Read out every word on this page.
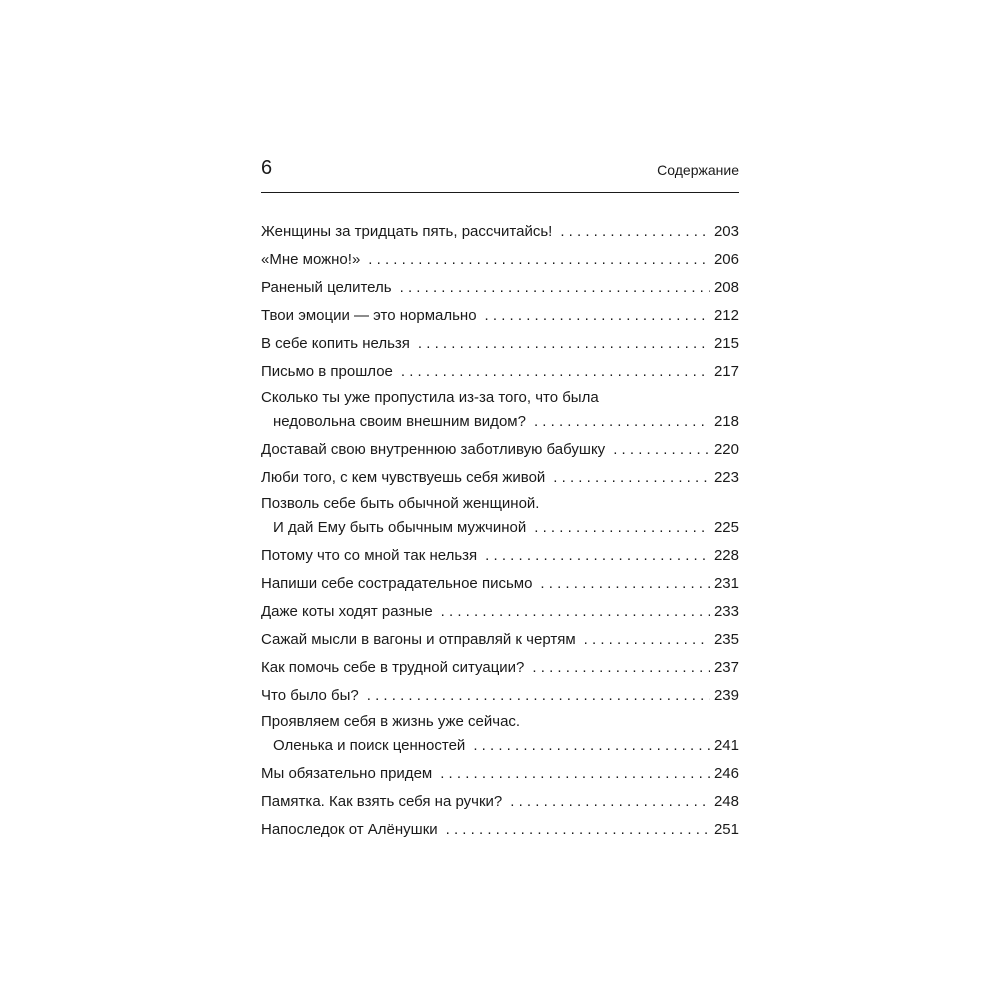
6	Содержание
Женщины за тридцать пять, рассчитайсь! . . .	203
«Мне можно!» . . .	206
Раненый целитель . . .	208
Твои эмоции — это нормально . . .	212
В себе копить нельзя . . .	215
Письмо в прошлое . . .	217
Сколько ты уже пропустила из-за того, что была
недовольна своим внешним видом? . . .	218
Доставай свою внутреннюю заботливую бабушку . . .	220
Люби того, с кем чувствуешь себя живой . . .	223
Позволь себе быть обычной женщиной.
И дай Ему быть обычным мужчиной . . .	225
Потому что со мной так нельзя . . .	228
Напиши себе сострадательное письмо . . .	231
Даже коты ходят разные . . .	233
Сажай мысли в вагоны и отправляй к чертям . . .	235
Как помочь себе в трудной ситуации? . . .	237
Что было бы? . . .	239
Проявляем себя в жизнь уже сейчас.
Оленька и поиск ценностей . . .	241
Мы обязательно придем . . .	246
Памятка. Как взять себя на ручки? . . .	248
Напоследок от Алёнушки . . .	251
